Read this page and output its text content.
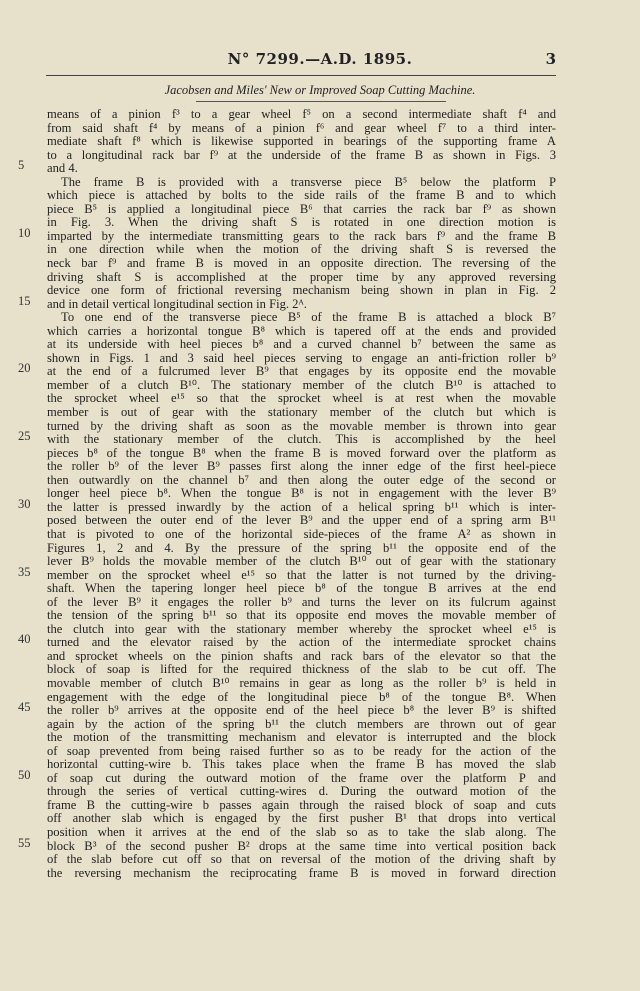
N° 7299.—A.D. 1895.	3
Jacobsen and Miles' New or Improved Soap Cutting Machine.
5
10
15
20
25
30
35
40
45
50
55
means of a pinion f³ to a gear wheel f⁵ on a second intermediate shaft f⁴ and
from said shaft f⁴ by means of a pinion f⁶ and gear wheel f⁷ to a third inter-
mediate shaft f⁸ which is likewise supported in bearings of the supporting frame A
to a longitudinal rack bar f⁹ at the underside of the frame B as shown in Figs. 3
and 4.
The frame B is provided with a transverse piece B⁵ below the platform P
which piece is attached by bolts to the side rails of the frame B and to which
piece B⁵ is applied a longitudinal piece B⁶ that carries the rack bar f⁹ as shown
in Fig. 3. When the driving shaft S is rotated in one direction motion is
imparted by the intermediate transmitting gears to the rack bars f⁹ and the frame B
in one direction while when the motion of the driving shaft S is reversed the
neck bar f⁹ and frame B is moved in an opposite direction. The reversing of the
driving shaft S is accomplished at the proper time by any approved reversing
device one form of frictional reversing mechanism being shown in plan in Fig. 2
and in detail vertical longitudinal section in Fig. 2ᴬ.
To one end of the transverse piece B⁵ of the frame B is attached a block B⁷
which carries a horizontal tongue B⁸ which is tapered off at the ends and provided
at its underside with heel pieces b⁸ and a curved channel b⁷ between the same as
shown in Figs. 1 and 3 said heel pieces serving to engage an anti-friction roller b⁹
at the end of a fulcrumed lever B⁹ that engages by its opposite end the movable
member of a clutch B¹⁰. The stationary member of the clutch B¹⁰ is attached to
the sprocket wheel e¹⁵ so that the sprocket wheel is at rest when the movable
member is out of gear with the stationary member of the clutch but which is
turned by the driving shaft as soon as the movable member is thrown into gear
with the stationary member of the clutch. This is accomplished by the heel
pieces b⁸ of the tongue B⁸ when the frame B is moved forward over the platform as
the roller b⁹ of the lever B⁹ passes first along the inner edge of the first heel-piece
then outwardly on the channel b⁷ and then along the outer edge of the second or
longer heel piece b⁸. When the tongue B⁸ is not in engagement with the lever B⁹
the latter is pressed inwardly by the action of a helical spring b¹¹ which is inter-
posed between the outer end of the lever B⁹ and the upper end of a spring arm B¹¹
that is pivoted to one of the horizontal side-pieces of the frame A² as shown in
Figures 1, 2 and 4. By the pressure of the spring b¹¹ the opposite end of the
lever B⁹ holds the movable member of the clutch B¹⁰ out of gear with the stationary
member on the sprocket wheel e¹⁵ so that the latter is not turned by the driving-
shaft. When the tapering longer heel piece b⁸ of the tongue B arrives at the end
of the lever B⁹ it engages the roller b⁹ and turns the lever on its fulcrum against
the tension of the spring b¹¹ so that its opposite end moves the movable member of
the clutch into gear with the stationary member whereby the sprocket wheel e¹⁵ is
turned and the elevator raised by the action of the intermediate sprocket chains
and sprocket wheels on the pinion shafts and rack bars of the elevator so that the
block of soap is lifted for the required thickness of the slab to be cut off. The
movable member of clutch B¹⁰ remains in gear as long as the roller b⁹ is held in
engagement with the edge of the longitudinal piece b⁸ of the tongue B⁸. When
the roller b⁹ arrives at the opposite end of the heel piece b⁸ the lever B⁹ is shifted
again by the action of the spring b¹¹ the clutch members are thrown out of gear
the motion of the transmitting mechanism and elevator is interrupted and the block
of soap prevented from being raised further so as to be ready for the action of the
horizontal cutting-wire b. This takes place when the frame B has moved the slab
of soap cut during the outward motion of the frame over the platform P and
through the series of vertical cutting-wires d. During the outward motion of the
frame B the cutting-wire b passes again through the raised block of soap and cuts
off another slab which is engaged by the first pusher B¹ that drops into vertical
position when it arrives at the end of the slab so as to take the slab along. The
block B³ of the second pusher B² drops at the same time into vertical position back
of the slab before cut off so that on reversal of the motion of the driving shaft by
the reversing mechanism the reciprocating frame B is moved in forward direction
